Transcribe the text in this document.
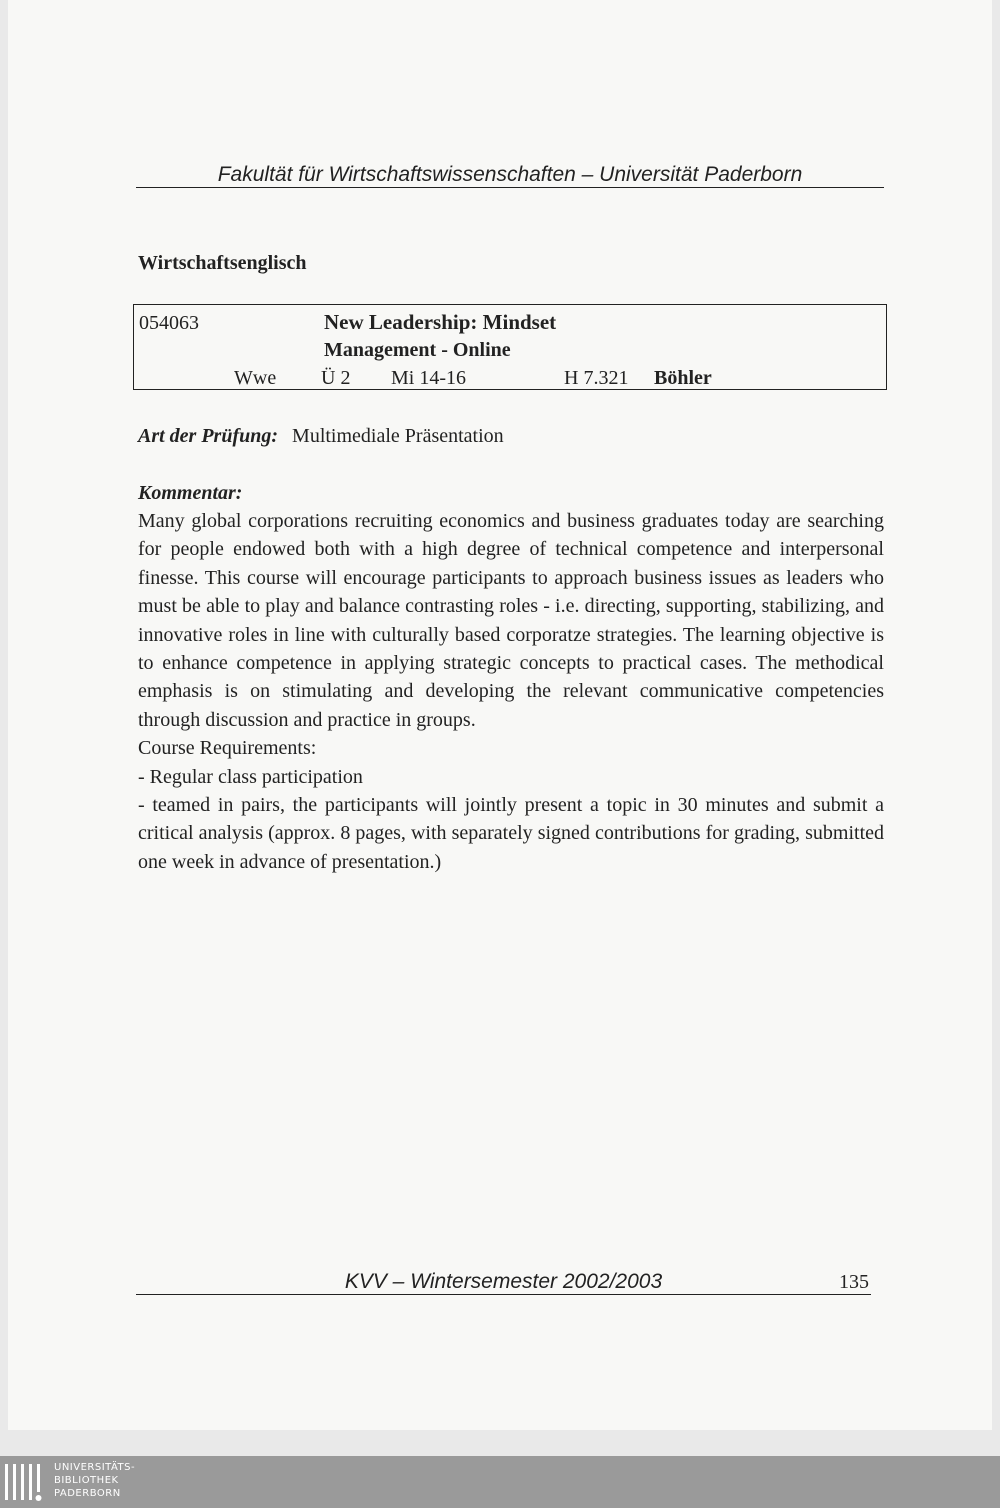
Fakultät für Wirtschaftswissenschaften – Universität Paderborn
Wirtschaftsenglisch
054063	New Leadership: Mindset
Management - Online
Wwe Ü 2 Mi 14-16	H 7.321 Böhler
Art der Prüfung: Multimediale Präsentation
Kommentar:

Many global corporations recruiting economics and business graduates today are searching for people endowed both with a high degree of technical competence and interpersonal finesse. This course will encourage participants to approach business issues as leaders who must be able to play and balance contrasting roles - i.e. directing, supporting, stabilizing, and innovative roles in line with culturally based corporatze strategies. The learning objective is to enhance competence in applying strategic concepts to practical cases. The methodical emphasis is on stimulating and developing the relevant communicative competencies through discussion and practice in groups.

Course Requirements:

- Regular class participation

- teamed in pairs, the participants will jointly present a topic in 30 minutes and submit a critical analysis (approx. 8 pages, with separately signed contributions for grading, submitted one week in advance of presentation.)

KVV – Wintersemester 2002/2003	135
UNIVERSITÄTS-
BIBLIOTHEK
PADERBORN
